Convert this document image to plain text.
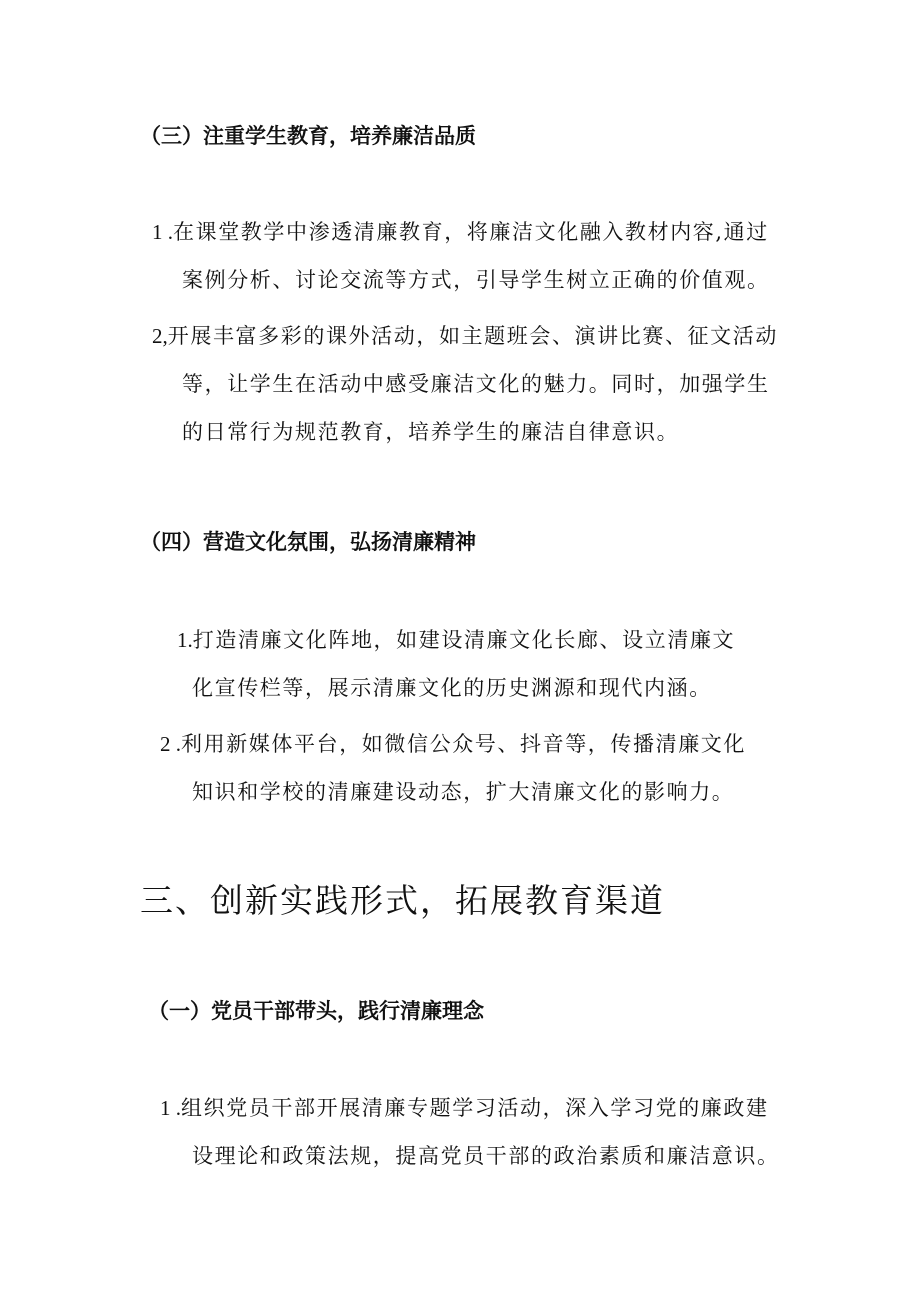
（三）注重学生教育，培养廉洁品质
1 .在课堂教学中渗透清廉教育，将廉洁文化融入教材内容,通过
案例分析、讨论交流等方式，引导学生树立正确的价值观。
2,开展丰富多彩的课外活动，如主题班会、演讲比赛、征文活动
等，让学生在活动中感受廉洁文化的魅力。同时，加强学生
的日常行为规范教育，培养学生的廉洁自律意识。
（四）营造文化氛围，弘扬清廉精神
1.打造清廉文化阵地，如建设清廉文化长廊、设立清廉文
化宣传栏等，展示清廉文化的历史渊源和现代内涵。
2 .利用新媒体平台，如微信公众号、抖音等，传播清廉文化
知识和学校的清廉建设动态，扩大清廉文化的影响力。
三、创新实践形式，拓展教育渠道
（一）党员干部带头，践行清廉理念
1 .组织党员干部开展清廉专题学习活动，深入学习党的廉政建
设理论和政策法规，提高党员干部的政治素质和廉洁意识。
